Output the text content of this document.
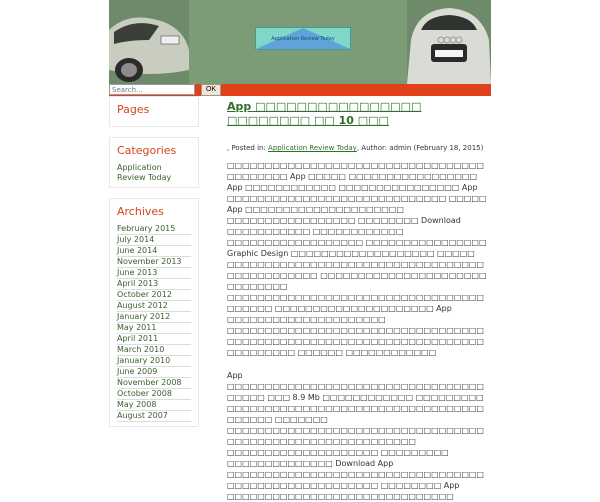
Application Review Today
Search...
OK
Pages
Categories
Application Review Today
Archives
February 2015
July 2014
June 2014
November 2013
June 2013
April 2013
October 2012
August 2012
January 2012
May 2011
April 2011
March 2010
January 2010
June 2009
November 2008
October 2008
May 2008
August 2007
App □□□□□□□□□□□□□□□□ □□□□□□□□ □□ 10 □□□
, Posted in: Application Review Today, Author: admin (February 18, 2015)
□□□□□□□□□□□□□□□□□□□□□□□□□□□□□□□□□□□□□□□□□□ App □□□□□ □□□□□□□□□□□□□□□□□ App □□□□□□□□□□□□ □□□□□□□□□□□□□□□□ App □□□□□□□□□□□□□□□□□□□□□□□□□□□□□ □□□□□ App □□□□□□□□□□□□□□□□□□□□□ □□□□□□□□□□□□□□□□□ □□□□□□□□ Download □□□□□□□□□□□ □□□□□□□□□□□□ □□□□□□□□□□□□□□□□□□ □□□□□□□□□□□□□□□□ Graphic Design □□□□□□□□□□□□□□□□□□□ □□□□□ □□□□□□□□□□□□□□□□□□□□□□□□□□□□□□□□□□□□□□□□□□□□□□ □□□□□□□□□□□□□□□□□□□□□□ □□□□□□□□ □□□□□□□□□□□□□□□□□□□□□□□□□□□□□□□□□□□□□□□□ □□□□□□□□□□□□□□□□□□□□□ App □□□□□□□□□□□□□□□□□□□□□ □□□□□□□□□□□□□□□□□□□□□□□□□□□□□□□□□□□□□□□□□□□□□□□□□□□□□□□□□□□□□□□□□□□□□□□□□□□□□ □□□□□□ □□□□□□□□□□□□
App □□□□□□□□□□□□□□□□□□□□□□□□□□□□□□□□□□□□□□□ □□□ 8.9 Mb □□□□□□□□□□□□ □□□□□□□□□ □□□□□□□□□□□□□□□□□□□□□□□□□□□□□□□□□□□□□□□□ □□□□□□□ □□□□□□□□□□□□□□□□□□□□□□□□□□□□□□□□□□□□□□□□□□□□□□□□□□□□□□□□□□□ □□□□□□□□□□□□□□□□□□□□ □□□□□□□□□ □□□□□□□□□□□□□□ Download App □□□□□□□□□□□□□□□□□□□□□□□□□□□□□□□□□□□□□□□□□□□□□□□□□□□□□□ □□□□□□□□ App □□□□□□□□□□□□□□□□□□□□□□□□□□□□□□
